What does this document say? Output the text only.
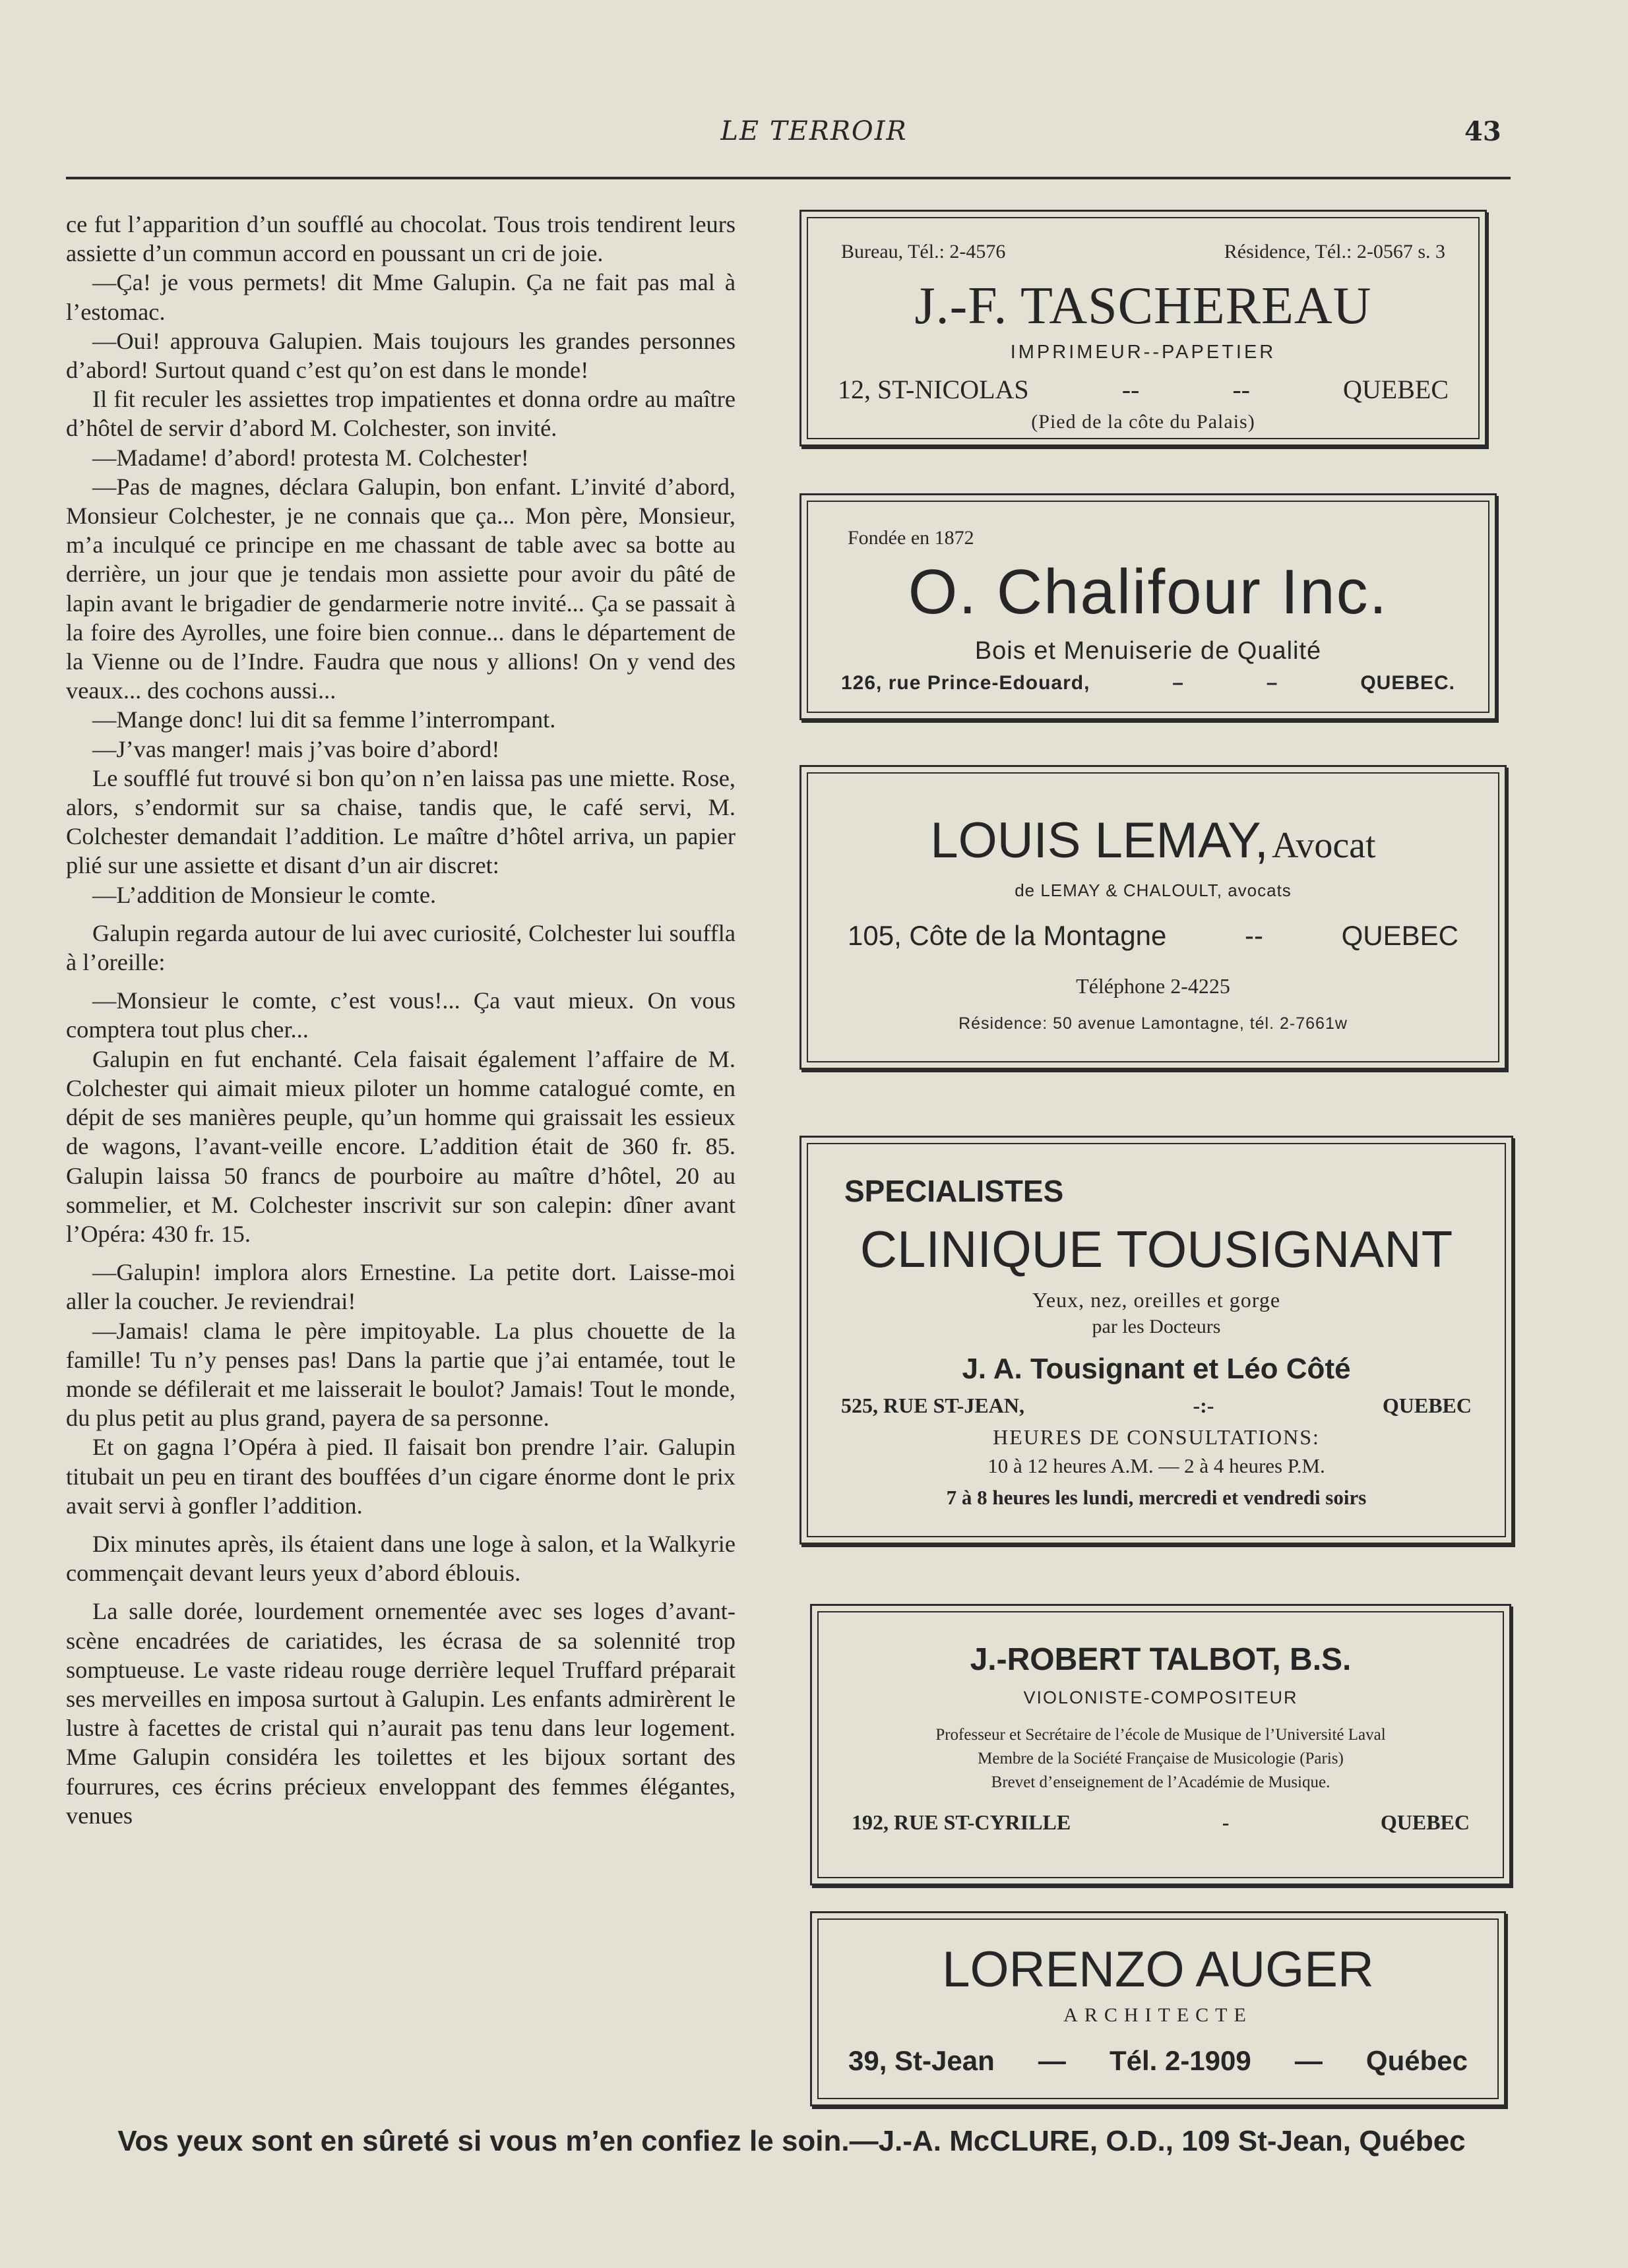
LE TERROIR	43

ce fut l’apparition d’un soufflé au chocolat. Tous trois tendirent leurs assiette d’un commun accord en poussant un cri de joie.

—Ça! je vous permets! dit Mme Galupin. Ça ne fait pas mal à l’estomac.

—Oui! approuva Galupien. Mais toujours les grandes personnes d’abord! Surtout quand c’est qu’on est dans le monde!

Il fit reculer les assiettes trop impatientes et donna ordre au maître d’hôtel de servir d’abord M. Colchester, son invité.

—Madame! d’abord! protesta M. Colchester!

—Pas de magnes, déclara Galupin, bon enfant. L’invité d’abord, Monsieur Colchester, je ne connais que ça... Mon père, Monsieur, m’a inculqué ce principe en me chassant de table avec sa botte au derrière, un jour que je tendais mon assiette pour avoir du pâté de lapin avant le brigadier de gendarmerie notre invité... Ça se passait à la foire des Ayrolles, une foire bien connue... dans le département de la Vienne ou de l’Indre. Faudra que nous y allions! On y vend des veaux... des cochons aussi...

—Mange donc! lui dit sa femme l’interrompant.

—J’vas manger! mais j’vas boire d’abord!

Le soufflé fut trouvé si bon qu’on n’en laissa pas une miette. Rose, alors, s’endormit sur sa chaise, tandis que, le café servi, M. Colchester demandait l’addition. Le maître d’hôtel arriva, un papier plié sur une assiette et disant d’un air discret:

—L’addition de Monsieur le comte.

Galupin regarda autour de lui avec curiosité, Colchester lui souffla à l’oreille:

—Monsieur le comte, c’est vous!... Ça vaut mieux. On vous comptera tout plus cher...

Galupin en fut enchanté. Cela faisait également l’affaire de M. Colchester qui aimait mieux piloter un homme catalogué comte, en dépit de ses manières peuple, qu’un homme qui graissait les essieux de wagons, l’avant-veille encore. L’addition était de 360 fr. 85. Galupin laissa 50 francs de pourboire au maître d’hôtel, 20 au sommelier, et M. Colchester inscrivit sur son calepin: dîner avant l’Opéra: 430 fr. 15.

—Galupin! implora alors Ernestine. La petite dort. Laisse-moi aller la coucher. Je reviendrai!

—Jamais! clama le père impitoyable. La plus chouette de la famille! Tu n’y penses pas! Dans la partie que j’ai entamée, tout le monde se défilerait et me laisserait le boulot? Jamais! Tout le monde, du plus petit au plus grand, payera de sa personne.

Et on gagna l’Opéra à pied. Il faisait bon prendre l’air. Galupin titubait un peu en tirant des bouffées d’un cigare énorme dont le prix avait servi à gonfler l’addition.

Dix minutes après, ils étaient dans une loge à salon, et la Walkyrie commençait devant leurs yeux d’abord éblouis.

La salle dorée, lourdement ornementée avec ses loges d’avant-scène encadrées de cariatides, les écrasa de sa solennité trop somptueuse. Le vaste rideau rouge derrière lequel Truffard préparait ses merveilles en imposa surtout à Galupin. Les enfants admirèrent le lustre à facettes de cristal qui n’aurait pas tenu dans leur logement. Mme Galupin considéra les toilettes et les bijoux sortant des fourrures, ces écrins précieux enveloppant des femmes élégantes, venues

Bureau, Tél.: 2-4576	Résidence, Tél.: 2-0567 s. 3
J.-F. TASCHEREAU
IMPRIMEUR--PAPETIER
12, ST-NICOLAS	--	--	QUEBEC
(Pied de la côte du Palais)
Fondée en 1872
O. Chalifour Inc.
Bois et Menuiserie de Qualité
126, rue Prince-Edouard,	–	–	QUEBEC.
LOUIS LEMAY, Avocat
de LEMAY & CHALOULT, avocats
105, Côte de la Montagne	--	QUEBEC
Téléphone 2-4225
Résidence: 50 avenue Lamontagne, tél. 2-7661w
SPECIALISTES
CLINIQUE TOUSIGNANT
Yeux, nez, oreilles et gorge
par les Docteurs
J. A. Tousignant et Léo Côté
525, RUE ST-JEAN,	-:-	QUEBEC
HEURES DE CONSULTATIONS:
10 à 12 heures A.M. — 2 à 4 heures P.M.
7 à 8 heures les lundi, mercredi et vendredi soirs
J.-ROBERT TALBOT, B.S.
VIOLONISTE-COMPOSITEUR
Professeur et Secrétaire de l’école de Musique de l’Université Laval
Membre de la Société Française de Musicologie (Paris)
Brevet d’enseignement de l’Académie de Musique.
192, RUE ST-CYRILLE	-	QUEBEC
LORENZO AUGER
ARCHITECTE
39, St-Jean — Tél. 2-1909 — Québec
Vos yeux sont en sûreté si vous m’en confiez le soin.—J.-A. McCLURE, O.D., 109 St-Jean, Québec
